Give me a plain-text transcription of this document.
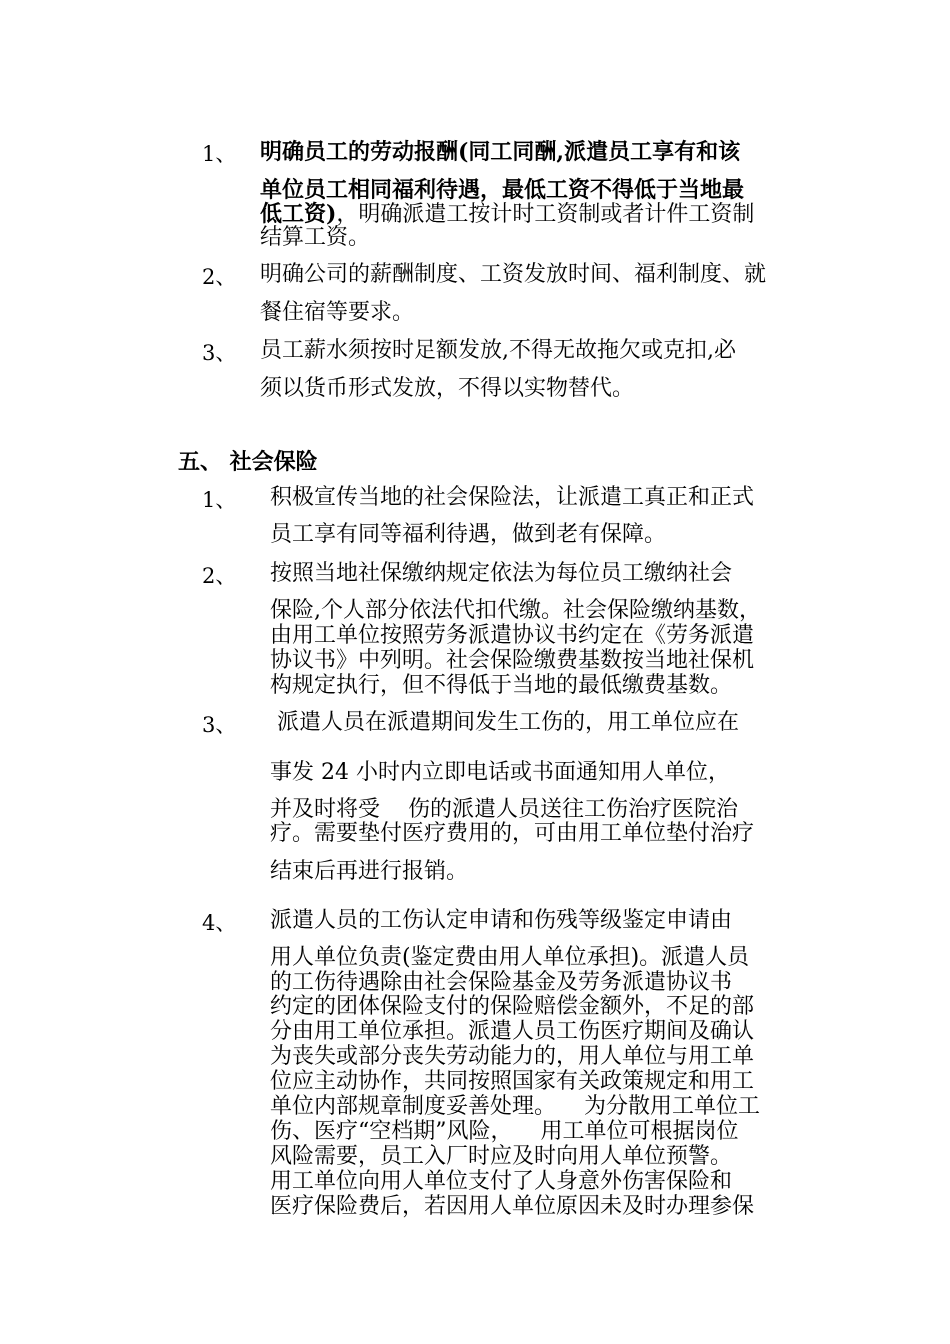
1、 明确员工的劳动报酬(同工同酬,派遣员工享有和该
单位员工相同福利待遇，最低工资不得低于当地最
低工资)，明确派遣工按计时工资制或者计件工资制
结算工资。
2、 明确公司的薪酬制度、工资发放时间、福利制度、就
餐住宿等要求。
3、 员工薪水须按时足额发放,不得无故拖欠或克扣,必
须以货币形式发放，不得以实物替代。
五、 社会保险
1、 积极宣传当地的社会保险法，让派遣工真正和正式
员工享有同等福利待遇，做到老有保障。
2、 按照当地社保缴纳规定依法为每位员工缴纳社会
保险,个人部分依法代扣代缴。社会保险缴纳基数，
由用工单位按照劳务派遣协议书约定在《劳务派遣
协议书》中列明。社会保险缴费基数按当地社保机
构规定执行，但不得低于当地的最低缴费基数。
3、 派遣人员在派遣期间发生工伤的，用工单位应在
事发 24 小时内立即电话或书面通知用人单位，
并及时将受    伤的派遣人员送往工伤治疗医院治
疗。需要垫付医疗费用的，可由用工单位垫付治疗
结束后再进行报销。
4、 派遣人员的工伤认定申请和伤残等级鉴定申请由
用人单位负责(鉴定费由用人单位承担)。派遣人员
的工伤待遇除由社会保险基金及劳务派遣协议书
约定的团体保险支付的保险赔偿金额外，不足的部
分由用工单位承担。派遣人员工伤医疗期间及确认
为丧失或部分丧失劳动能力的，用人单位与用工单
位应主动协作，共同按照国家有关政策规定和用工
单位内部规章制度妥善处理。    为分散用工单位工
伤、医疗“空档期”风险，    用工单位可根据岗位
风险需要，员工入厂时应及时向用人单位预警。
用工单位向用人单位支付了人身意外伤害保险和
医疗保险费后，若因用人单位原因未及时办理参保
